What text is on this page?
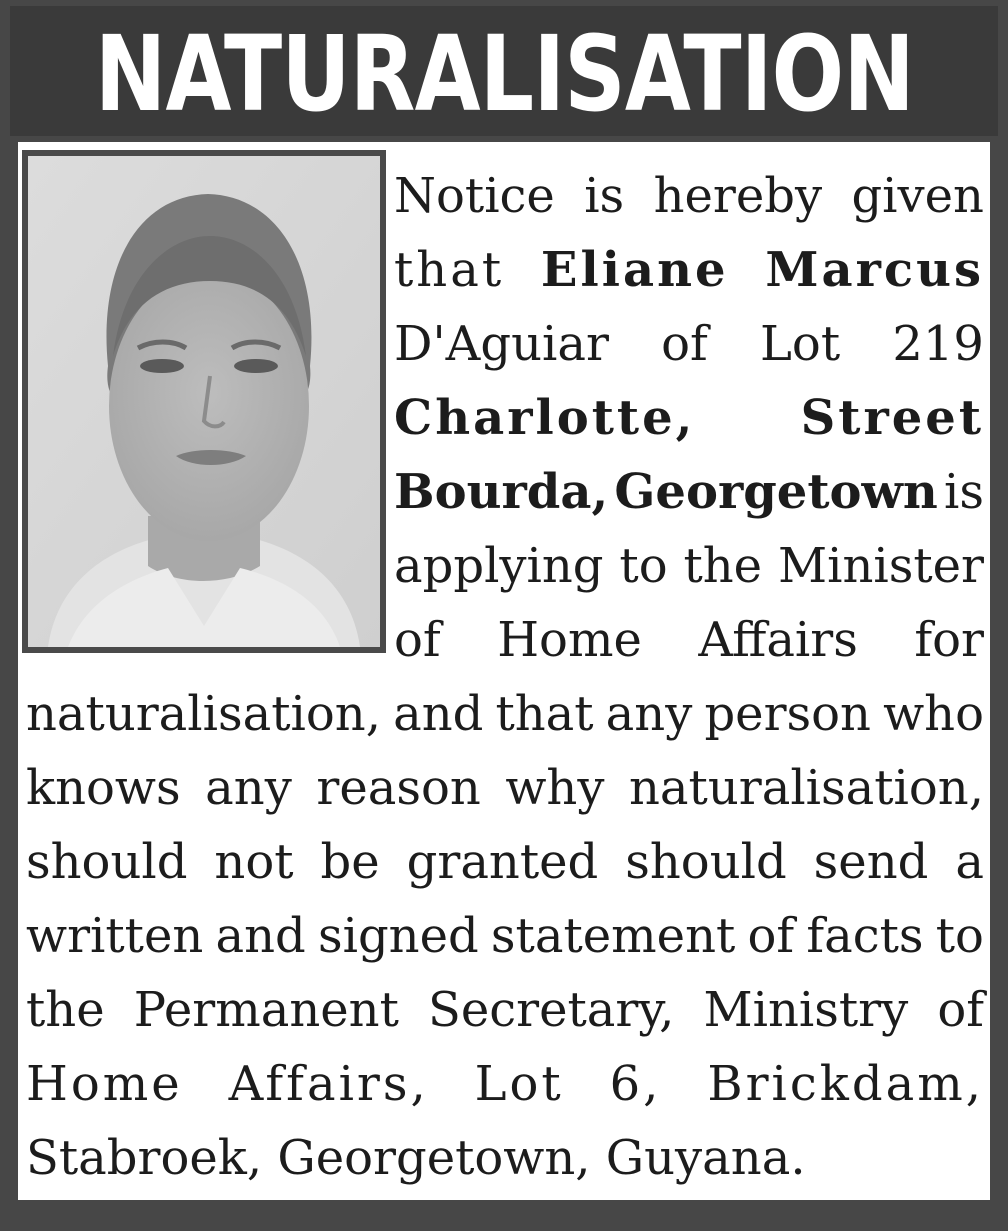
NATURALISATION
Notice is hereby given
that Eliane Marcus
D'Aguiar of Lot 219
Charlotte, Street
Bourda, Georgetown is
applying to the Minister
of Home Affairs for
naturalisation, and that any person who
knows any reason why naturalisation,
should not be granted should send a
written and signed statement of facts to
the Permanent Secretary, Ministry of
Home Affairs, Lot 6, Brickdam,
Stabroek, Georgetown, Guyana.
